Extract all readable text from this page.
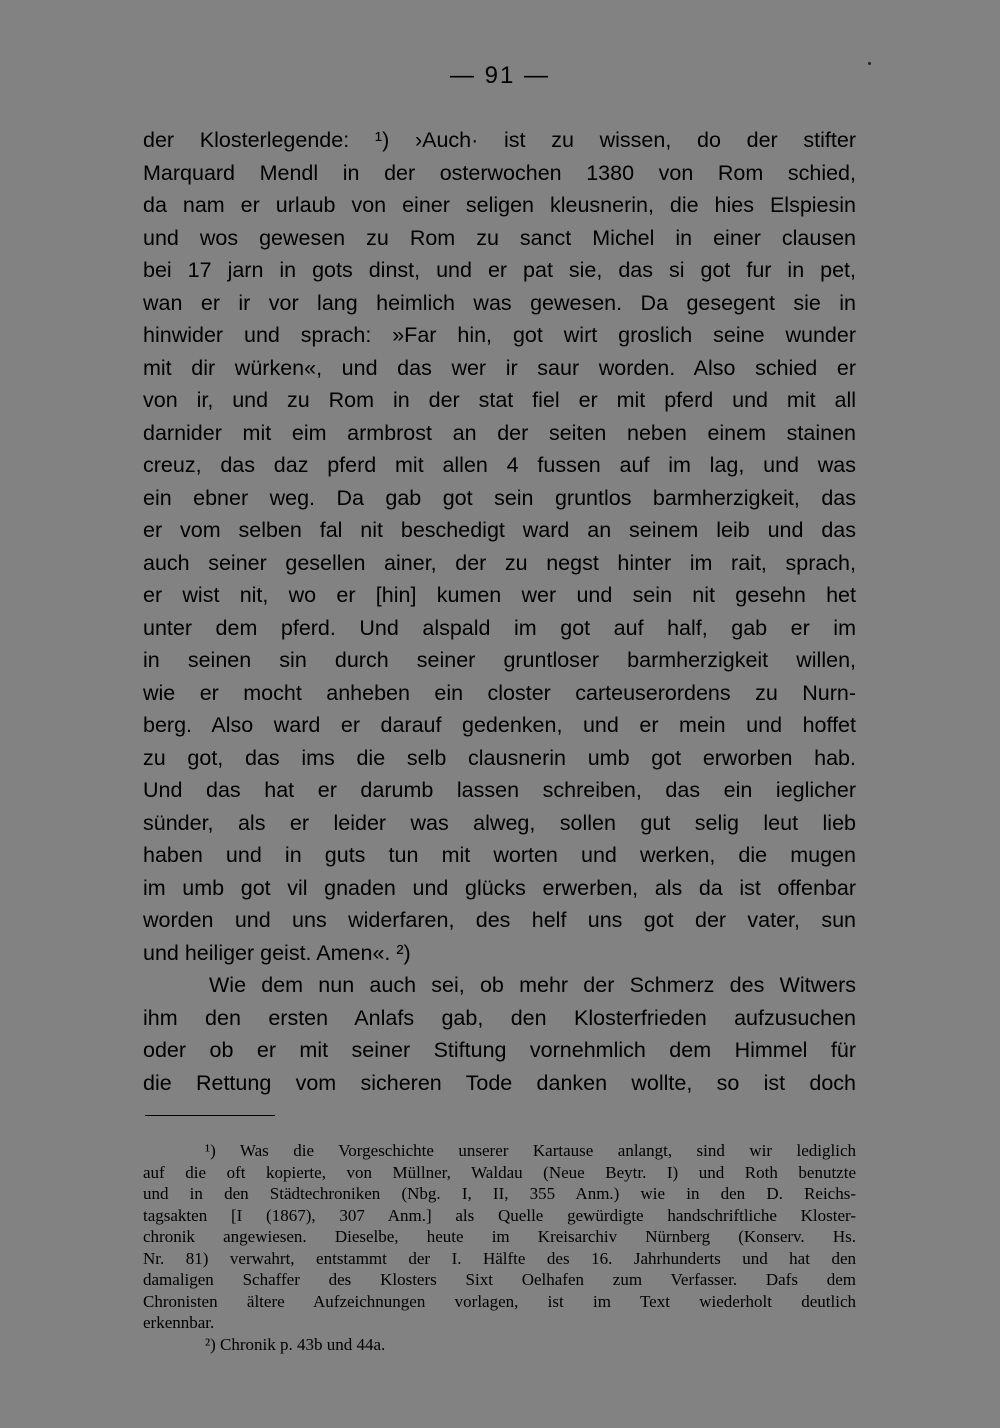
— 91 —
der Klosterlegende: ¹) ›Auch· ist zu wissen, do der stifter
Marquard Mendl in der osterwochen 1380 von Rom schied,
da nam er urlaub von einer seligen kleusnerin, die hies Elspiesin
und wos gewesen zu Rom zu sanct Michel in einer clausen
bei 17 jarn in gots dinst, und er pat sie, das si got fur in pet,
wan er ir vor lang heimlich was gewesen. Da gesegent sie in
hinwider und sprach: »Far hin, got wirt groslich seine wunder
mit dir würken«, und das wer ir saur worden. Also schied er
von ir, und zu Rom in der stat fiel er mit pferd und mit all
darnider mit eim armbrost an der seiten neben einem stainen
creuz, das daz pferd mit allen 4 fussen auf im lag, und was
ein ebner weg. Da gab got sein gruntlos barmherzigkeit, das
er vom selben fal nit beschedigt ward an seinem leib und das
auch seiner gesellen ainer, der zu negst hinter im rait, sprach,
er wist nit, wo er [hin] kumen wer und sein nit gesehn het
unter dem pferd. Und alspald im got auf half, gab er im
in seinen sin durch seiner gruntloser barmherzigkeit willen,
wie er mocht anheben ein closter carteuserordens zu Nurn-
berg. Also ward er darauf gedenken, und er mein und hoffet
zu got, das ims die selb clausnerin umb got erworben hab.
Und das hat er darumb lassen schreiben, das ein ieglicher
sünder, als er leider was alweg, sollen gut selig leut lieb
haben und in guts tun mit worten und werken, die mugen
im umb got vil gnaden und glücks erwerben, als da ist offenbar
worden und uns widerfaren, des helf uns got der vater, sun
und heiliger geist. Amen«. ²)
Wie dem nun auch sei, ob mehr der Schmerz des Witwers
ihm den ersten Anlafs gab, den Klosterfrieden aufzusuchen
oder ob er mit seiner Stiftung vornehmlich dem Himmel für
die Rettung vom sicheren Tode danken wollte, so ist doch
¹) Was die Vorgeschichte unserer Kartause anlangt, sind wir lediglich
auf die oft kopierte, von Müllner, Waldau (Neue Beytr. I) und Roth benutzte
und in den Städtechroniken (Nbg. I, II, 355 Anm.) wie in den D. Reichs-
tagsakten [I (1867), 307 Anm.] als Quelle gewürdigte handschriftliche Kloster-
chronik angewiesen. Dieselbe, heute im Kreisarchiv Nürnberg (Konserv. Hs.
Nr. 81) verwahrt, entstammt der I. Hälfte des 16. Jahrhunderts und hat den
damaligen Schaffer des Klosters Sixt Oelhafen zum Verfasser. Dafs dem
Chronisten ältere Aufzeichnungen vorlagen, ist im Text wiederholt deutlich
erkennbar.
²) Chronik p. 43b und 44a.
